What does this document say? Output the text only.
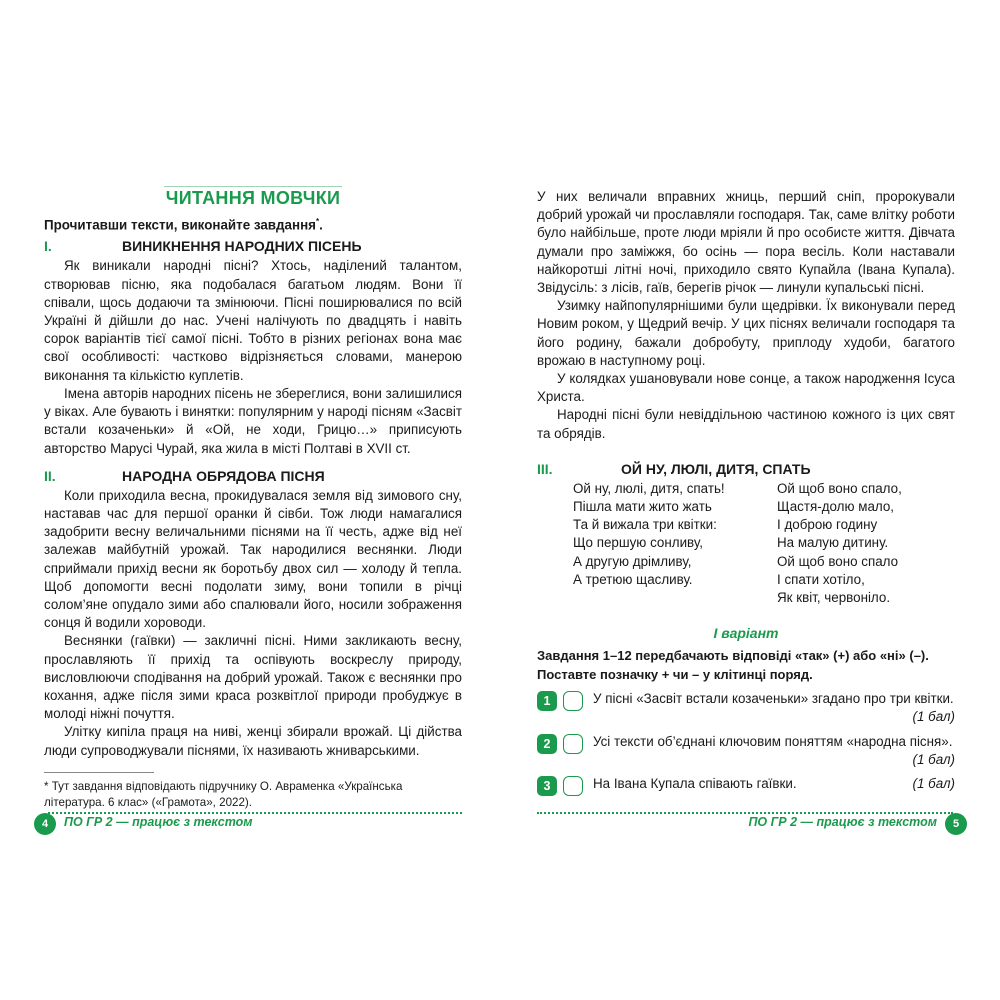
ЧИТАННЯ МОВЧКИ
Прочитавши тексти, виконайте завдання*.
I.	ВИНИКНЕННЯ НАРОДНИХ ПІСЕНЬ

Як виникали народні пісні? Хтось, наділений талантом, створював пісню, яка подобалася багатьом людям. Вони її співали, щось додаючи та змінюючи. Пісні поширювалися по всій Україні й дійшли до нас. Учені налічують по двадцять і навіть сорок варіантів тієї самої пісні. Тобто в різних регіонах вона має свої особливості: частково відрізняється словами, манерою виконання та кількістю куплетів.

Імена авторів народних пісень не збереглися, вони залишилися у віках. Але бувають і винятки: популярним у народі пісням «Засвіт встали козаченьки» й «Ой, не ходи, Грицю…» приписують авторство Марусі Чурай, яка жила в місті Полтаві в XVII ст.

II.	НАРОДНА ОБРЯДОВА ПІСНЯ

Коли приходила весна, прокидувалася земля від зимового сну, наставав час для першої оранки й сівби. Тож люди намагалися задобрити весну величальними піснями на її честь, адже від неї залежав майбутній урожай. Так народилися веснянки. Люди сприймали прихід весни як боротьбу двох сил — холоду й тепла. Щоб допомогти весні подолати зиму, вони топили в річці солом’яне опудало зими або спалювали його, носили зображення сонця й водили хороводи.

Веснянки (гаївки) — закличні пісні. Ними закликають весну, прославляють її прихід та оспівують воскреслу природу, висловлюючи сподівання на добрий урожай. Також є веснянки про кохання, адже після зими краса розквітлої природи пробуджує в молоді ніжні почуття.

Улітку кипіла праця на ниві, женці збирали врожай. Ці дійства люди супроводжували піснями, їх називають жниварськими.

* Тут завдання відповідають підручнику О. Авраменка «Українська література. 6 клас» («Грамота», 2022).

4	ПО ГР 2 — працює з текстом

У них величали вправних жниць, перший сніп, пророкували добрий урожай чи прославляли господаря. Так, саме влітку роботи було найбільше, проте люди мріяли й про особисте життя. Дівчата думали про заміжжя, бо осінь — пора весіль. Коли наставали найкоротші літні ночі, приходило свято Купайла (Івана Купала). Звідусіль: з лісів, гаїв, берегів річок — линули купальські пісні.

Узимку найпопулярнішими були щедрівки. Їх виконували перед Новим роком, у Щедрий вечір. У цих піснях величали господаря та його родину, бажали добробуту, приплоду худоби, багатого врожаю в наступному році.

У колядках ушановували нове сонце, а також народження Ісуса Христа.

Народні пісні були невіддільною частиною кожного із цих свят та обрядів.

III.	ОЙ НУ, ЛЮЛІ, ДИТЯ, СПАТЬ
Ой ну, люлі, дитя, спать!
Пішла мати жито жать
Та й вижала три квітки:
Що першую сонливу,
А другую дрімливу,
А третюю щасливу.
Ой щоб воно спало,
Щастя-долю мало,
І доброю годину
На малую дитину.
Ой щоб воно спало
І спати хотіло,
Як квіт, червоніло.
І варіант

Завдання 1–12 передбачають відповіді «так» (+) або «ні» (–).

Поставте позначку + чи – у клітинці поряд.

1	У пісні «Засвіт встали козаченьки» згадано про три квітки.
(1 бал)
2	Усі тексти об’єднані ключовим поняттям «народна пісня».
(1 бал)
3	На Івана Купала співають гаївки.	(1 бал)
ПО ГР 2 — працює з текстом	5
